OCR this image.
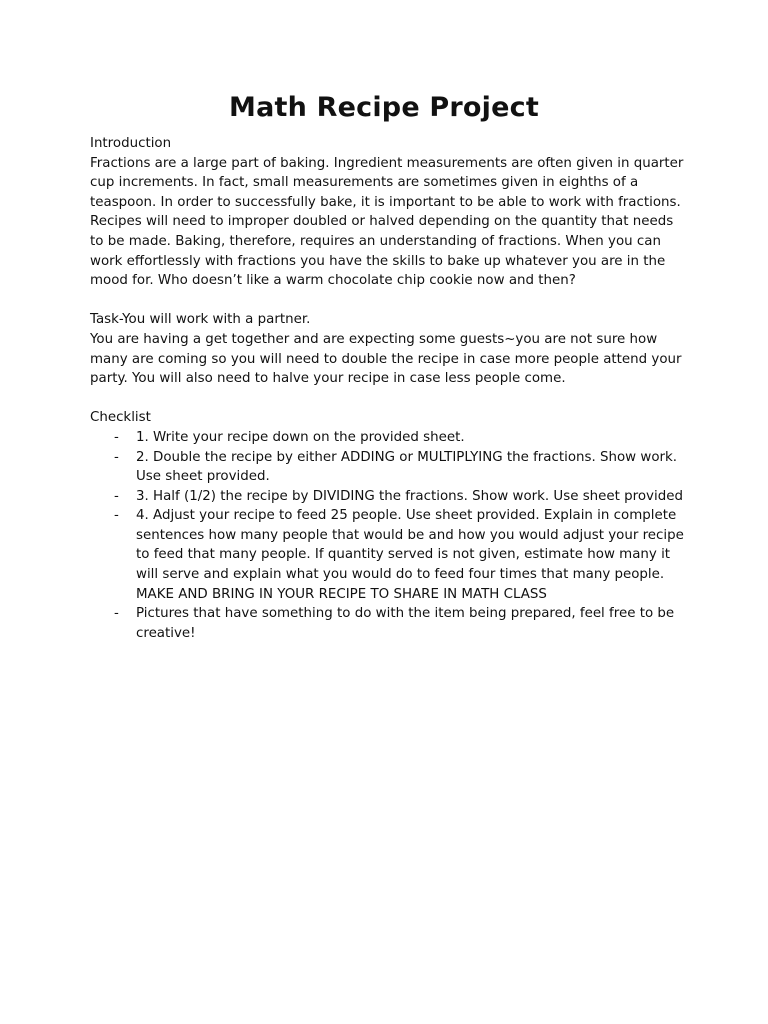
Math Recipe Project

Introduction

Fractions are a large part of baking. Ingredient measurements are often given in quarter cup increments. In fact, small measurements are sometimes given in eighths of a teaspoon. In order to successfully bake, it is important to be able to work with fractions. Recipes will need to improper doubled or halved depending on the quantity that needs to be made. Baking, therefore, requires an understanding of fractions. When you can work effortlessly with fractions you have the skills to bake up whatever you are in the mood for. Who doesn’t like a warm chocolate chip cookie now and then?

Task-You will work with a partner.

You are having a get together and are expecting some guests~you are not sure how many are coming so you will need to double the recipe in case more people attend your party. You will also need to halve your recipe in case less people come.

Checklist

- 1. Write your recipe down on the provided sheet.
- 2. Double the recipe by either ADDING or MULTIPLYING the fractions. Show work. Use sheet provided.
- 3. Half (1/2) the recipe by DIVIDING the fractions. Show work. Use sheet provided
- 4. Adjust your recipe to feed 25 people. Use sheet provided. Explain in complete sentences how many people that would be and how you would adjust your recipe to feed that many people. If quantity served is not given, estimate how many it will serve and explain what you would do to feed four times that many people. MAKE AND BRING IN YOUR RECIPE TO SHARE IN MATH CLASS
- Pictures that have something to do with the item being prepared, feel free to be creative!
